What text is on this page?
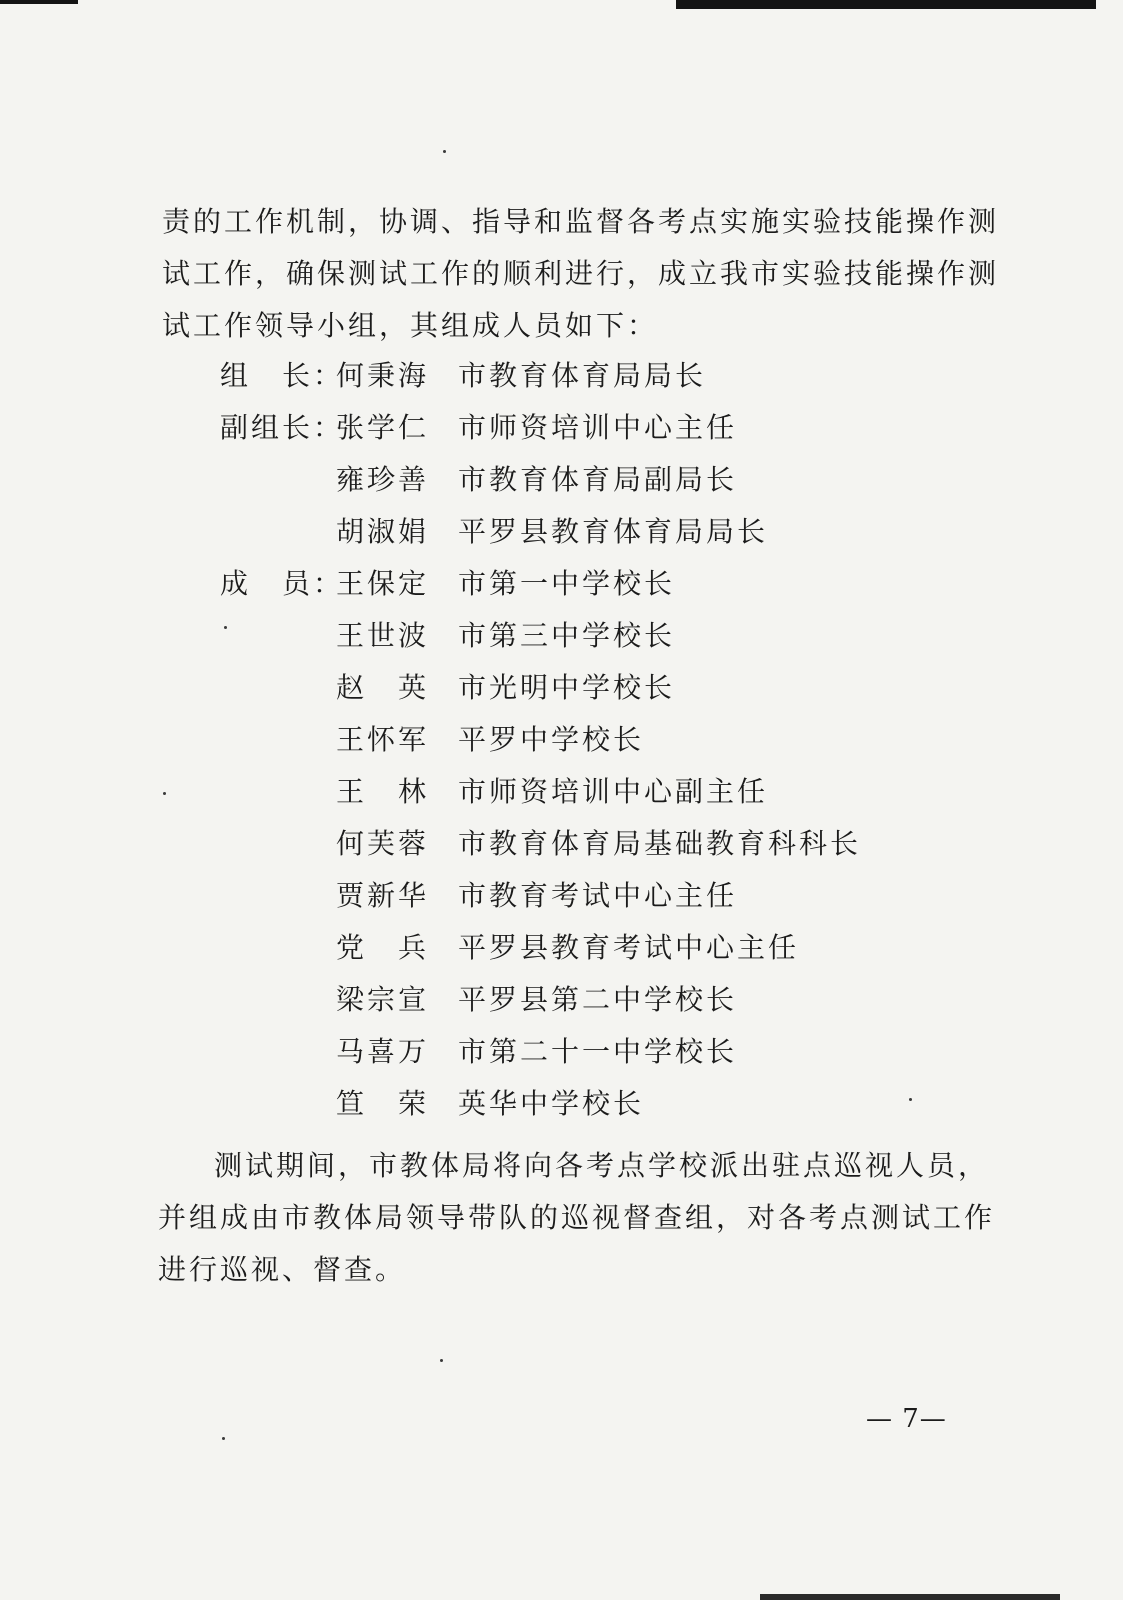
责的工作机制，协调、指导和监督各考点实施实验技能操作测试工作，确保测试工作的顺利进行，成立我市实验技能操作测试工作领导小组，其组成人员如下：

组　长：
何秉海	市教育体育局局长
副组长：
张学仁	市师资培训中心主任
雍珍善	市教育体育局副局长
胡淑娟	平罗县教育体育局局长
成　员：
王保定	市第一中学校长
王世波	市第三中学校长
赵　英	市光明中学校长
王怀军	平罗中学校长
王　林	市师资培训中心副主任
何芙蓉	市教育体育局基础教育科科长
贾新华	市教育考试中心主任
党　兵	平罗县教育考试中心主任
梁宗宣	平罗县第二中学校长
马喜万	市第二十一中学校长
笪　荣	英华中学校长

测试期间，市教体局将向各考点学校派出驻点巡视人员，并组成由市教体局领导带队的巡视督查组，对各考点测试工作进行巡视、督查。

— 7—
